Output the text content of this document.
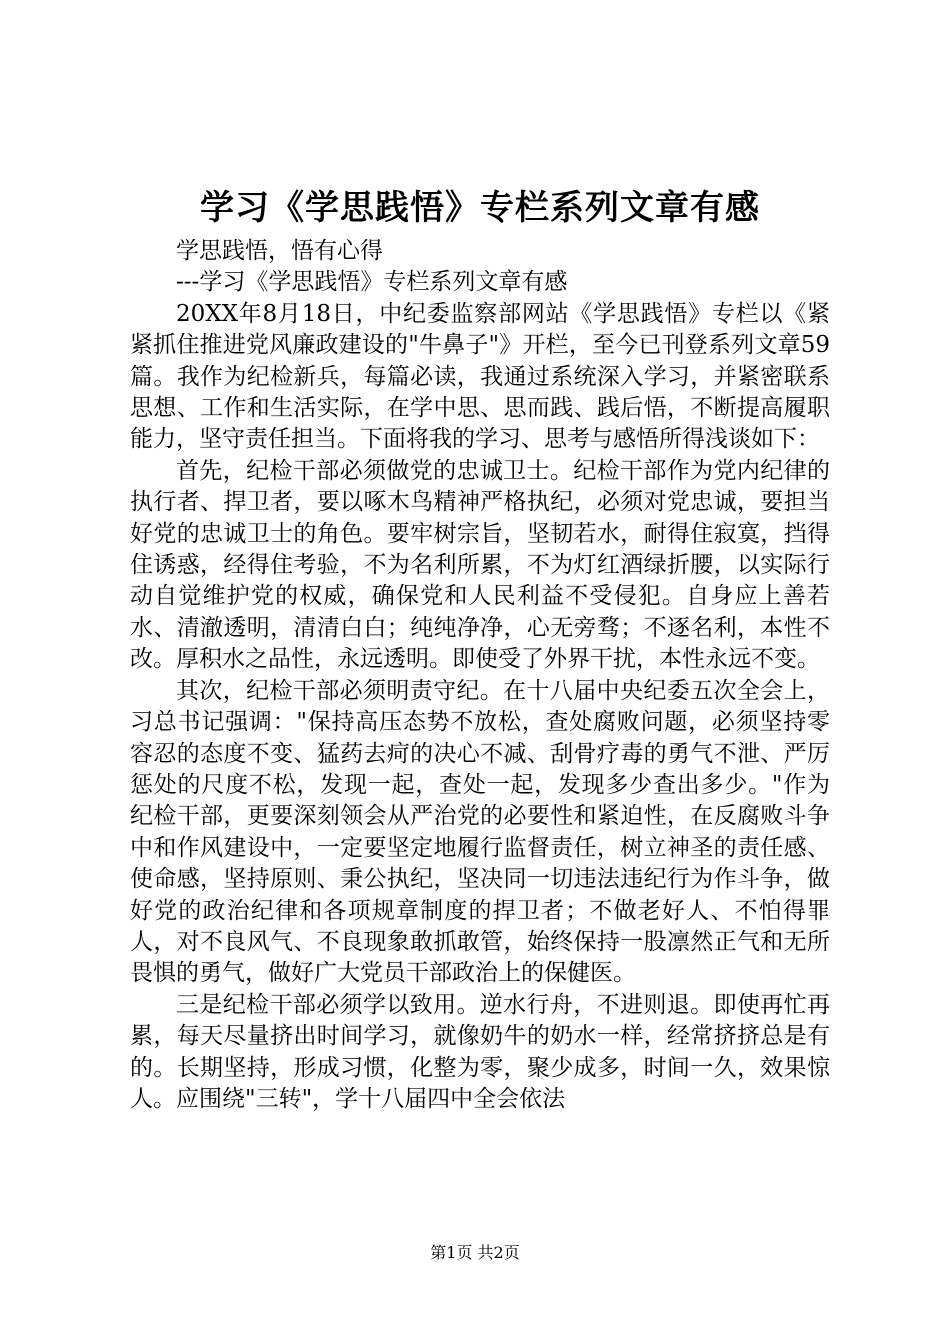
学习《学思践悟》专栏系列文章有感

学思践悟，悟有心得

---学习《学思践悟》专栏系列文章有感

20XX年8月18日，中纪委监察部网站《学思践悟》专栏以《紧紧抓住推进党风廉政建设的"牛鼻子"》开栏，至今已刊登系列文章59篇。我作为纪检新兵，每篇必读，我通过系统深入学习，并紧密联系思想、工作和生活实际，在学中思、思而践、践后悟，不断提高履职能力，坚守责任担当。下面将我的学习、思考与感悟所得浅谈如下：

首先，纪检干部必须做党的忠诚卫士。纪检干部作为党内纪律的执行者、捍卫者，要以啄木鸟精神严格执纪，必须对党忠诚，要担当好党的忠诚卫士的角色。要牢树宗旨，坚韧若水，耐得住寂寞，挡得住诱惑，经得住考验，不为名利所累，不为灯红酒绿折腰，以实际行动自觉维护党的权威，确保党和人民利益不受侵犯。自身应上善若水、清澈透明，清清白白；纯纯净净，心无旁骛；不逐名利，本性不改。厚积水之品性，永远透明。即使受了外界干扰，本性永远不变。

其次，纪检干部必须明责守纪。在十八届中央纪委五次全会上，习总书记强调："保持高压态势不放松，查处腐败问题，必须坚持零容忍的态度不变、猛药去疴的决心不减、刮骨疗毒的勇气不泄、严厉惩处的尺度不松，发现一起，查处一起，发现多少查出多少。"作为纪检干部，更要深刻领会从严治党的必要性和紧迫性，在反腐败斗争中和作风建设中，一定要坚定地履行监督责任，树立神圣的责任感、使命感，坚持原则、秉公执纪，坚决同一切违法违纪行为作斗争，做好党的政治纪律和各项规章制度的捍卫者；不做老好人、不怕得罪人，对不良风气、不良现象敢抓敢管，始终保持一股凛然正气和无所畏惧的勇气，做好广大党员干部政治上的保健医。

三是纪检干部必须学以致用。逆水行舟，不进则退。即使再忙再累，每天尽量挤出时间学习，就像奶牛的奶水一样，经常挤挤总是有的。长期坚持，形成习惯，化整为零，聚少成多，时间一久，效果惊人。应围绕"三转"，学十八届四中全会依法

第1页 共2页
